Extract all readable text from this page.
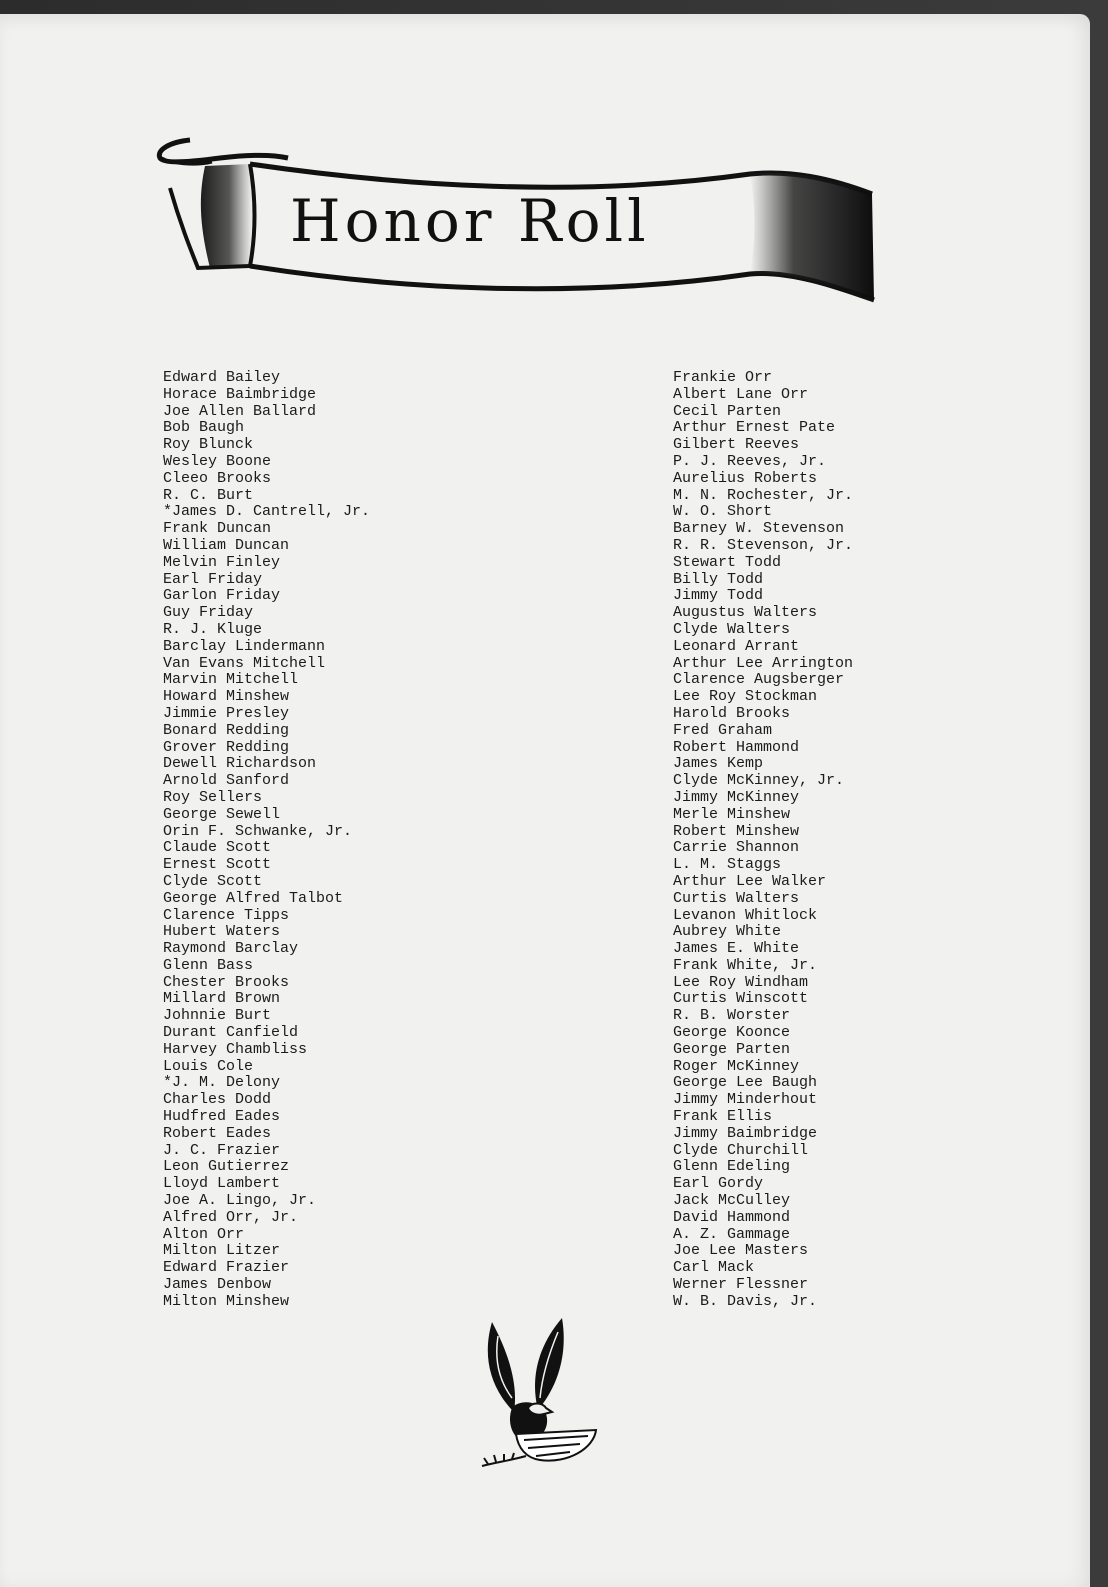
Honor Roll
Edward Bailey
Horace Baimbridge
Joe Allen Ballard
Bob Baugh
Roy Blunck
Wesley Boone
Cleeo Brooks
R. C. Burt
*James D. Cantrell, Jr.
Frank Duncan
William Duncan
Melvin Finley
Earl Friday
Garlon Friday
Guy Friday
R. J. Kluge
Barclay Lindermann
Van Evans Mitchell
Marvin Mitchell
Howard Minshew
Jimmie Presley
Bonard Redding
Grover Redding
Dewell Richardson
Arnold Sanford
Roy Sellers
George Sewell
Orin F. Schwanke, Jr.
Claude Scott
Ernest Scott
Clyde Scott
George Alfred Talbot
Clarence Tipps
Hubert Waters
Raymond Barclay
Glenn Bass
Chester Brooks
Millard Brown
Johnnie Burt
Durant Canfield
Harvey Chambliss
Louis Cole
*J. M. Delony
Charles Dodd
Hudfred Eades
Robert Eades
J. C. Frazier
Leon Gutierrez
Lloyd Lambert
Joe A. Lingo, Jr.
Alfred Orr, Jr.
Alton Orr
Milton Litzer
Edward Frazier
James Denbow
Milton Minshew
Frankie Orr
Albert Lane Orr
Cecil Parten
Arthur Ernest Pate
Gilbert Reeves
P. J. Reeves, Jr.
Aurelius Roberts
M. N. Rochester, Jr.
W. O. Short
Barney W. Stevenson
R. R. Stevenson, Jr.
Stewart Todd
Billy Todd
Jimmy Todd
Augustus Walters
Clyde Walters
Leonard Arrant
Arthur Lee Arrington
Clarence Augsberger
Lee Roy Stockman
Harold Brooks
Fred Graham
Robert Hammond
James Kemp
Clyde McKinney, Jr.
Jimmy McKinney
Merle Minshew
Robert Minshew
Carrie Shannon
L. M. Staggs
Arthur Lee Walker
Curtis Walters
Levanon Whitlock
Aubrey White
James E. White
Frank White, Jr.
Lee Roy Windham
Curtis Winscott
R. B. Worster
George Koonce
George Parten
Roger McKinney
George Lee Baugh
Jimmy Minderhout
Frank Ellis
Jimmy Baimbridge
Clyde Churchill
Glenn Edeling
Earl Gordy
Jack McCulley
David Hammond
A. Z. Gammage
Joe Lee Masters
Carl Mack
Werner Flessner
W. B. Davis, Jr.
